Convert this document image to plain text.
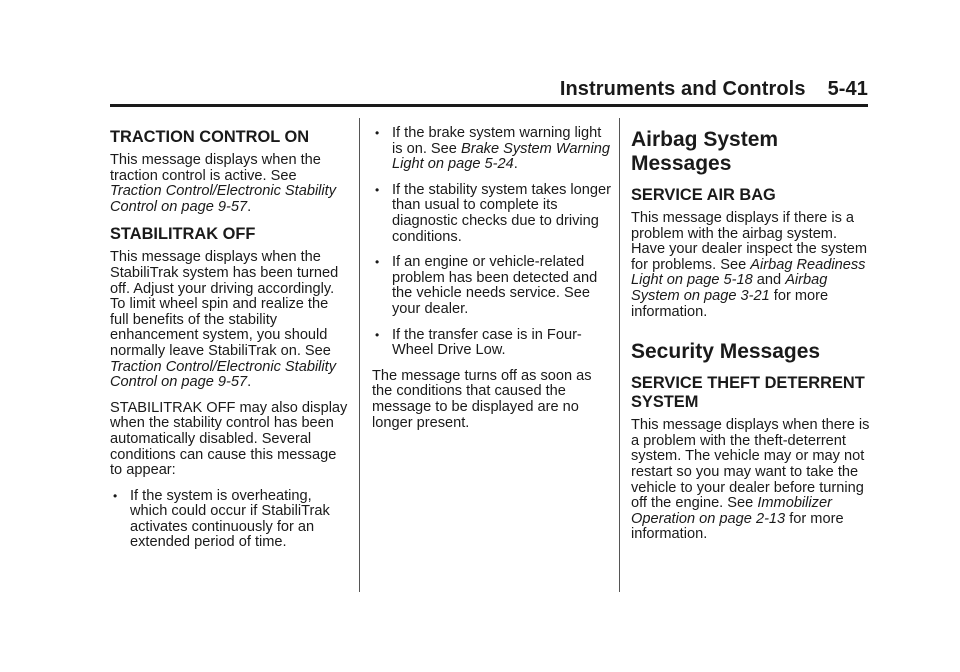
Instruments and Controls 5-41
TRACTION CONTROL ON

This message displays when the traction control is active. See Traction Control/Electronic Stability Control on page 9-57.

STABILITRAK OFF

This message displays when the StabiliTrak system has been turned off. Adjust your driving accordingly. To limit wheel spin and realize the full benefits of the stability enhancement system, you should normally leave StabiliTrak on. See Traction Control/Electronic Stability Control on page 9-57.

STABILITRAK OFF may also display when the stability control has been automatically disabled. Several conditions can cause this message to appear:

• If the system is overheating, which could occur if StabiliTrak activates continuously for an extended period of time.
• If the brake system warning light is on. See Brake System Warning Light on page 5-24.
• If the stability system takes longer than usual to complete its diagnostic checks due to driving conditions.
• If an engine or vehicle-related problem has been detected and the vehicle needs service. See your dealer.
• If the transfer case is in Four-Wheel Drive Low.

The message turns off as soon as the conditions that caused the message to be displayed are no longer present.

Airbag System Messages
SERVICE AIR BAG

This message displays if there is a problem with the airbag system. Have your dealer inspect the system for problems. See Airbag Readiness Light on page 5-18 and Airbag System on page 3-21 for more information.

Security Messages
SERVICE THEFT DETERRENT SYSTEM

This message displays when there is a problem with the theft-deterrent system. The vehicle may or may not restart so you may want to take the vehicle to your dealer before turning off the engine. See Immobilizer Operation on page 2-13 for more information.
